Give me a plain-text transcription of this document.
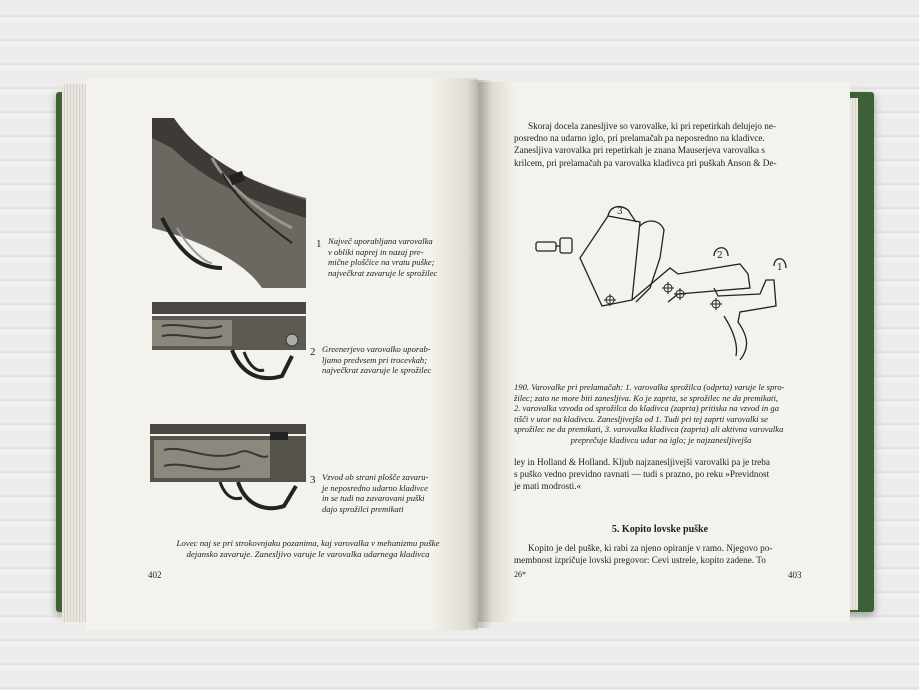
1 Največ uporabljana varovalka
v obliki naprej in nazaj pre-
mične ploščice na vratu puške;
največkrat zavaruje le sprožilec
2 Greenerjevo varovalko uporab-
ljamo predvsem pri trocevkah;
največkrat zavaruje le sprožilec
3 Vzvod ob strani ploščе zavaru-
je neposredno udarno kladivce
in se tudi na zavarovani puški
dajo sprožilci premikati
Lovec naj se pri strokovnjaku pozanima, kaj varovalka v mehanizmu puške
dejansko zavaruje. Zanesljivo varuje le varovalka udarnega kladivca
402
Skoraj docela zanesljive so varovalke, ki pri repetirkah delujejo ne-
posredno na udarno iglo, pri prelamačah pa neposredno na kladivce.
Zanesljiva varovalka pri repetirkah je znana Mauserjeva varovalka s
krilcem, pri prelamačah pa varovalka kladivca pri puškah Anson & De-
3
2
1
190. Varovalke pri prelamačah: 1. varovalka sprožilca (odprta) varuje le spro-
žilec; zato ne more biti zanesljiva. Ko je zaprta, se sprožilec ne da premikati,
2. varovalka vzvoda od sprožilca do kladivca (zaprta) pritiska na vzvod in ga
tišči v utor na kladivcu. Zanesljivejša od 1. Tudi pri tej zaprti varovalki se
sprožilec ne da premikati, 3. varovalka kladivca (zaprta) ali aktivna varovalka
preprečuje kladivcu udar na iglo; je najzanesljivejša
ley in Holland & Holland. Kljub najzanesljivejši varovalki pa je treba
s puško vedno previdno ravnati — tudi s prazno, po reku »Previdnost
je mati modrosti.«
5. Kopito lovske puške
Kopito je del puške, ki rabi za njeno opiranje v ramo. Njegovo po-
membnost izpričuje lovski pregovor: Cevi ustrele, kopito zadene. To
26*	403
